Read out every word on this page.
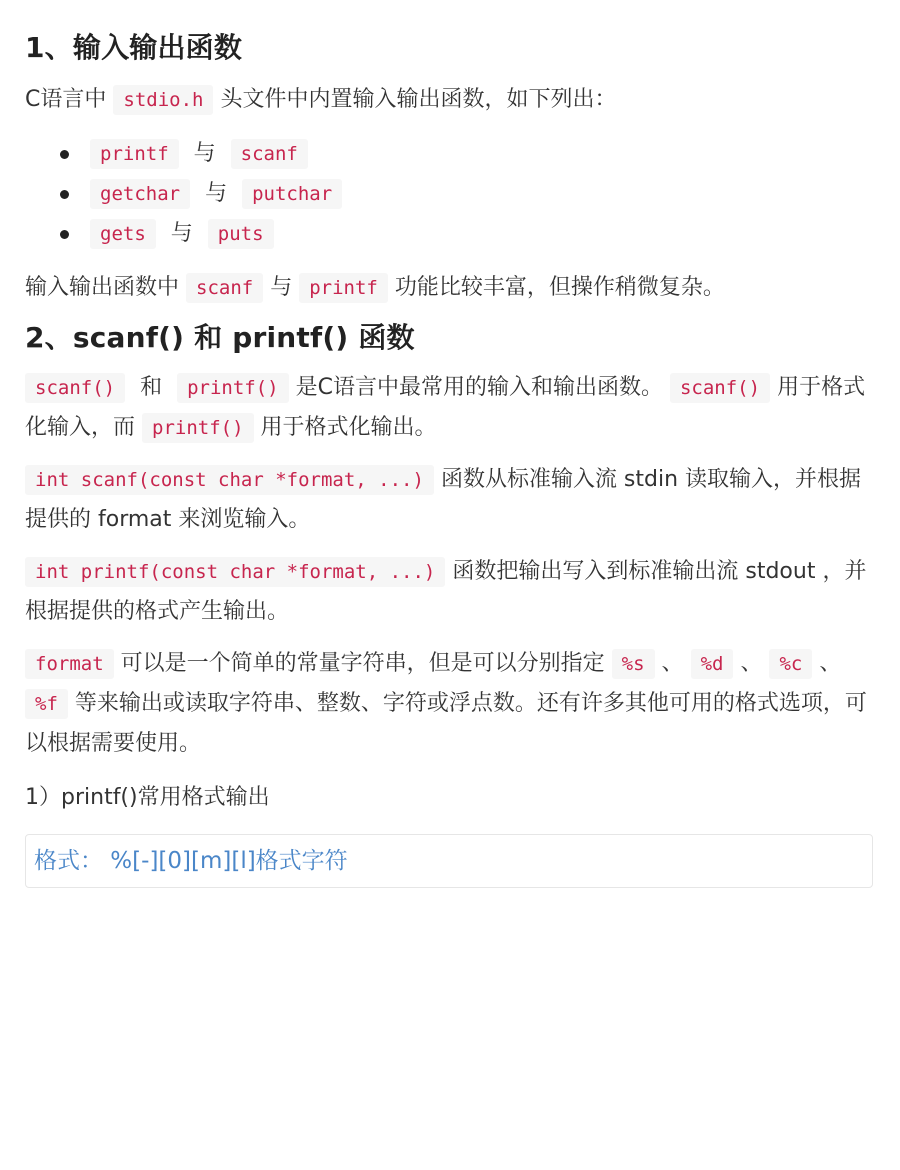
1、输入输出函数

C语言中 stdio.h 头文件中内置输入输出函数，如下列出：

printf 与 scanf
getchar 与 putchar
gets 与 puts

输入输出函数中 scanf 与 printf 功能比较丰富，但操作稍微复杂。

2、scanf() 和 printf() 函数

scanf() 和 printf() 是C语言中最常用的输入和输出函数。 scanf() 用于格式化输入，而 printf() 用于格式化输出。

int scanf(const char *format, ...) 函数从标准输入流 stdin 读取输入，并根据提供的 format 来浏览输入。

int printf(const char *format, ...) 函数把输出写入到标准输出流 stdout ，并根据提供的格式产生输出。

format 可以是一个简单的常量字符串，但是可以分别指定 %s 、 %d 、 %c 、 %f 等来输出或读取字符串、整数、字符或浮点数。还有许多其他可用的格式选项，可以根据需要使用。

1）printf()常用格式输出

格式： %[-][0][m][l]格式字符
